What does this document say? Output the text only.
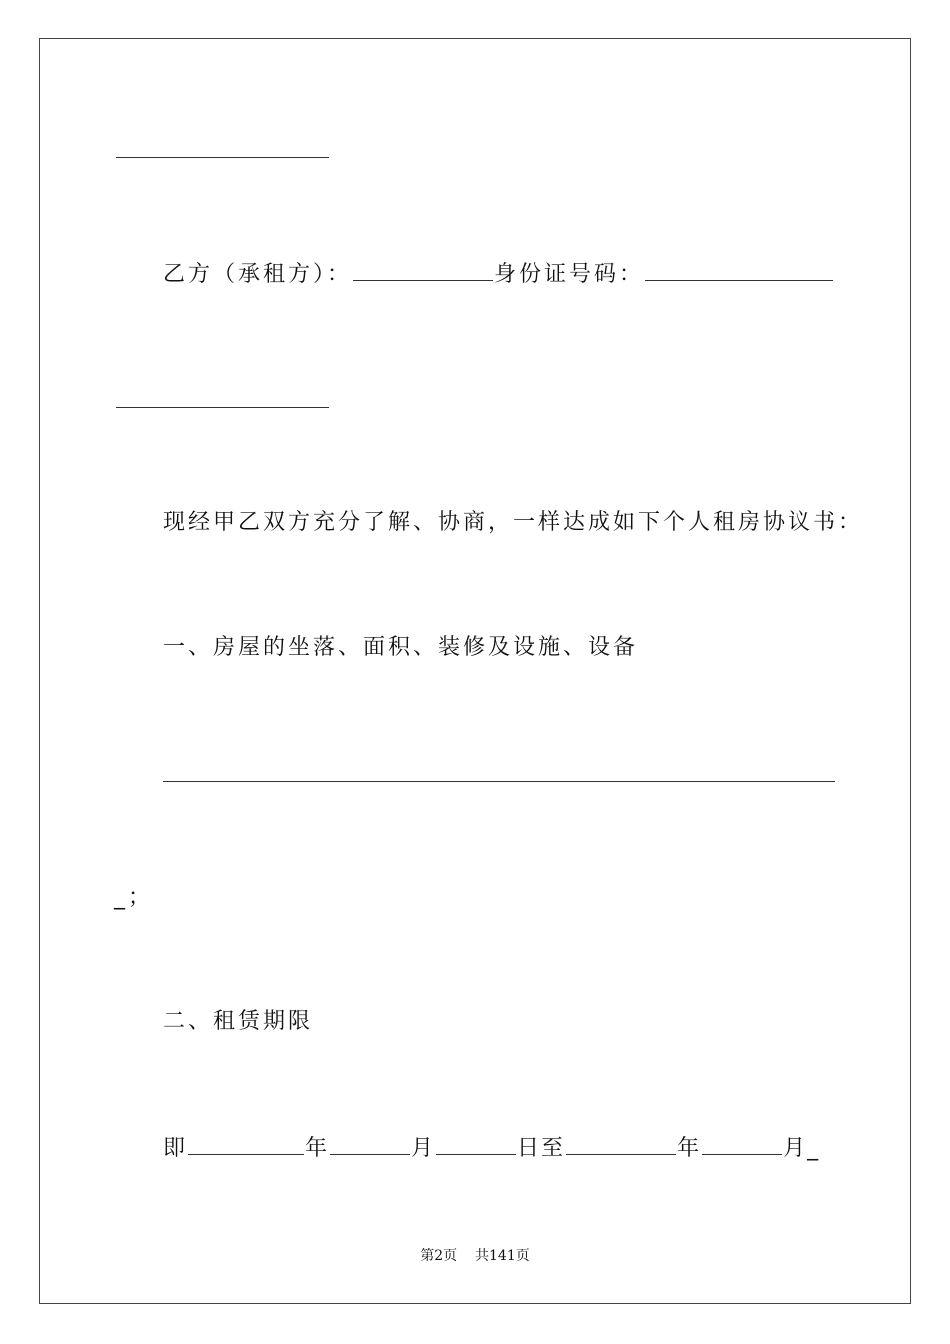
乙方（承租方）：	身份证号码：
现经甲乙双方充分了解、协商，一样达成如下个人租房协议书：
一、房屋的坐落、面积、装修及设施、设备
_；
二、租赁期限
即	年	月	日至	年	月_
第2页 共141页
